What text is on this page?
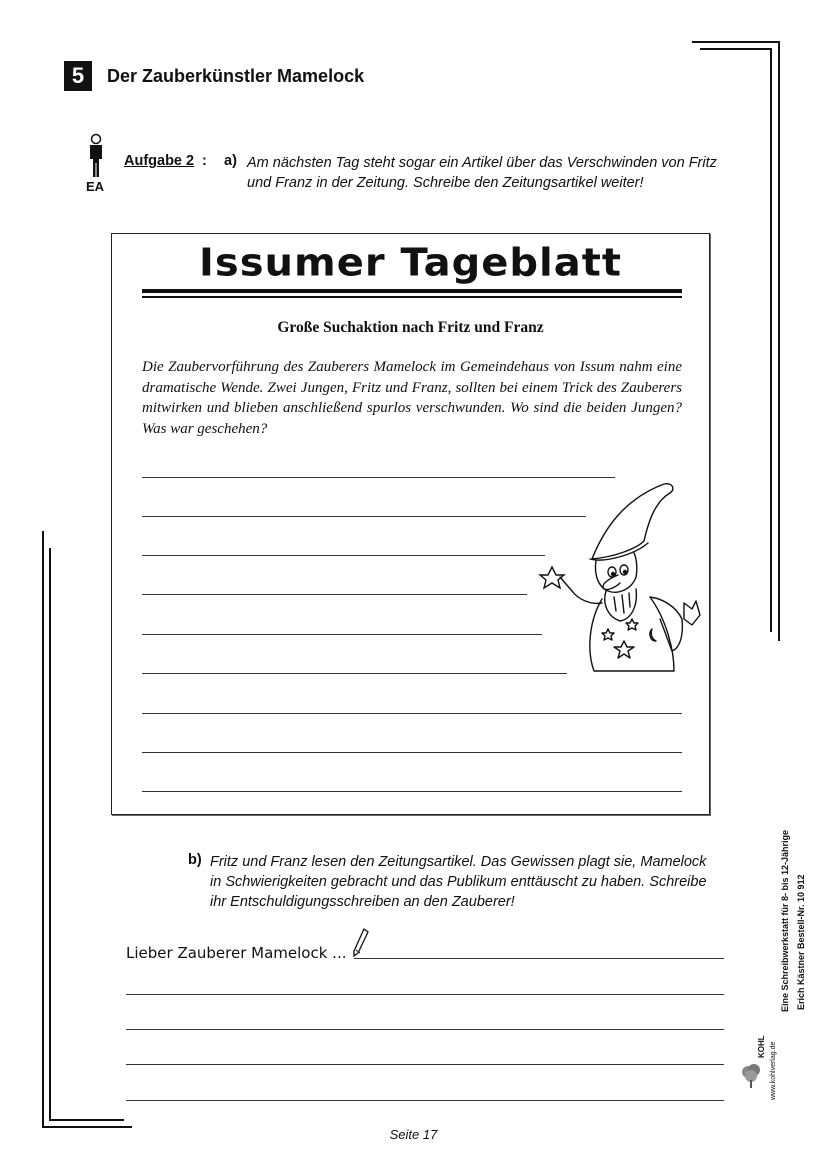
5	Der Zauberkünstler Mamelock
EA
Aufgabe 2 : a) Am nächsten Tag steht sogar ein Artikel über das Verschwinden von Fritz und Franz in der Zeitung. Schreibe den Zeitungsartikel weiter!
Issumer Tageblatt
Große Suchaktion nach Fritz und Franz
Die Zaubervorführung des Zauberers Mamelock im Gemeindehaus von Issum nahm eine dramatische Wende. Zwei Jungen, Fritz und Franz, sollten bei einem Trick des Zauberers mitwirken und blieben anschließend spurlos verschwunden. Wo sind die beiden Jungen? Was war geschehen?
b) Fritz und Franz lesen den Zeitungsartikel. Das Gewissen plagt sie, Mamelock in Schwierigkeiten gebracht und das Publikum enttäuscht zu haben. Schreibe ihr Entschuldigungsschreiben an den Zauberer!
Lieber Zauberer Mamelock ...
Seite 17
Erich Kästner Bestell-Nr. 10 912
Eine Schreibwerkstatt für 8- bis 12-Jährige
www.kohlverlag.de
KOHL
